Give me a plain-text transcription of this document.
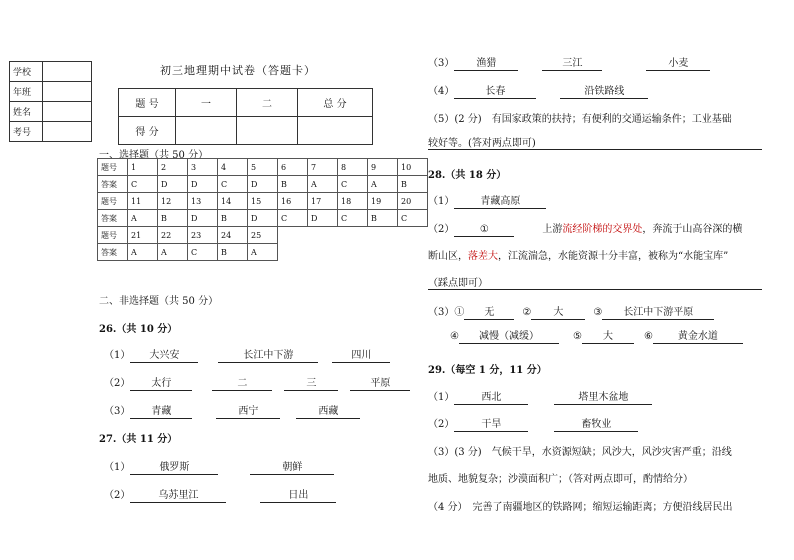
学校	
年班	
姓名	
考号	
初三地理期中试卷（答题卡）
题 号	一	二	总 分
得 分			
一、选择题（共 50 分）
题号	1	2	3	4	5	6	7	8	9	10
答案	C	D	D	C	D	B	A	C	A	B
题号	11	12	13	14	15	16	17	18	19	20
答案	A	B	D	B	D	C	D	C	B	C
题号	21	22	23	24	25					
答案	A	A	C	B	A					
二、非选择题（共 50 分）
26.（共 10 分）
（1） 大兴安	长江中下游	四川
（2） 太行	二	三	平原
（3） 青藏	西宁	西藏
27.（共 11 分）
（1）	俄罗斯	朝鲜
（2）	乌苏里江	日出
（3） 渔猎	三江	小麦
（4）	长春	沿铁路线
（5）(2 分)　有国家政策的扶持；有便利的交通运输条件；工业基础
较好等。(答对两点即可)
28.（共 18 分）
（1）	青藏高原
（2）	①	上游流经阶梯的交界处，奔流于山高谷深的横
断山区，落差大，江流湍急，水能资源十分丰富，被称为“水能宝库”
（踩点即可）
（3）① 无	② 大	③ 长江中下游平原
④ 减慢（减缓）	⑤ 大	⑥	黄金水道
29.（每空 1 分，11 分）
（1）	西北	塔里木盆地
（2）	干旱	畜牧业
（3）(3 分)　气候干旱，水资源短缺；风沙大，风沙灾害严重；沿线
地质、地貌复杂；沙漠面积广；（答对两点即可，酌情给分）
（4 分）　完善了南疆地区的铁路网；缩短运输距离；方便沿线居民出
